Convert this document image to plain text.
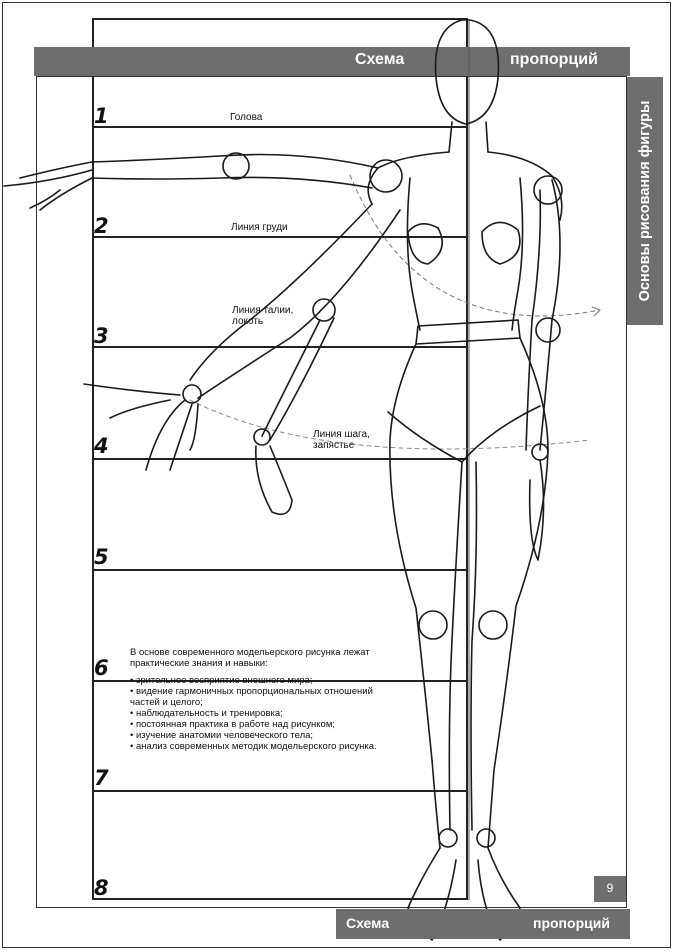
Схема	пропорций
Основы рисования фигуры
1
2
3
4
5
6
7
8
Голова
Линия груди
Линия талии,
локоть
Линия шага,
запястье
В основе современного модельерского рисунка лежат практические знания и навыки:
• зрительное восприятие внешнего мира;
• видение гармоничных пропорциональных отношений частей и целого;
• наблюдательность и тренировка;
• постоянная практика в работе над рисунком;
• изучение анатомии человеческого тела;
• анализ современных методик модельерского рисунка.
9
Схема	пропорций
